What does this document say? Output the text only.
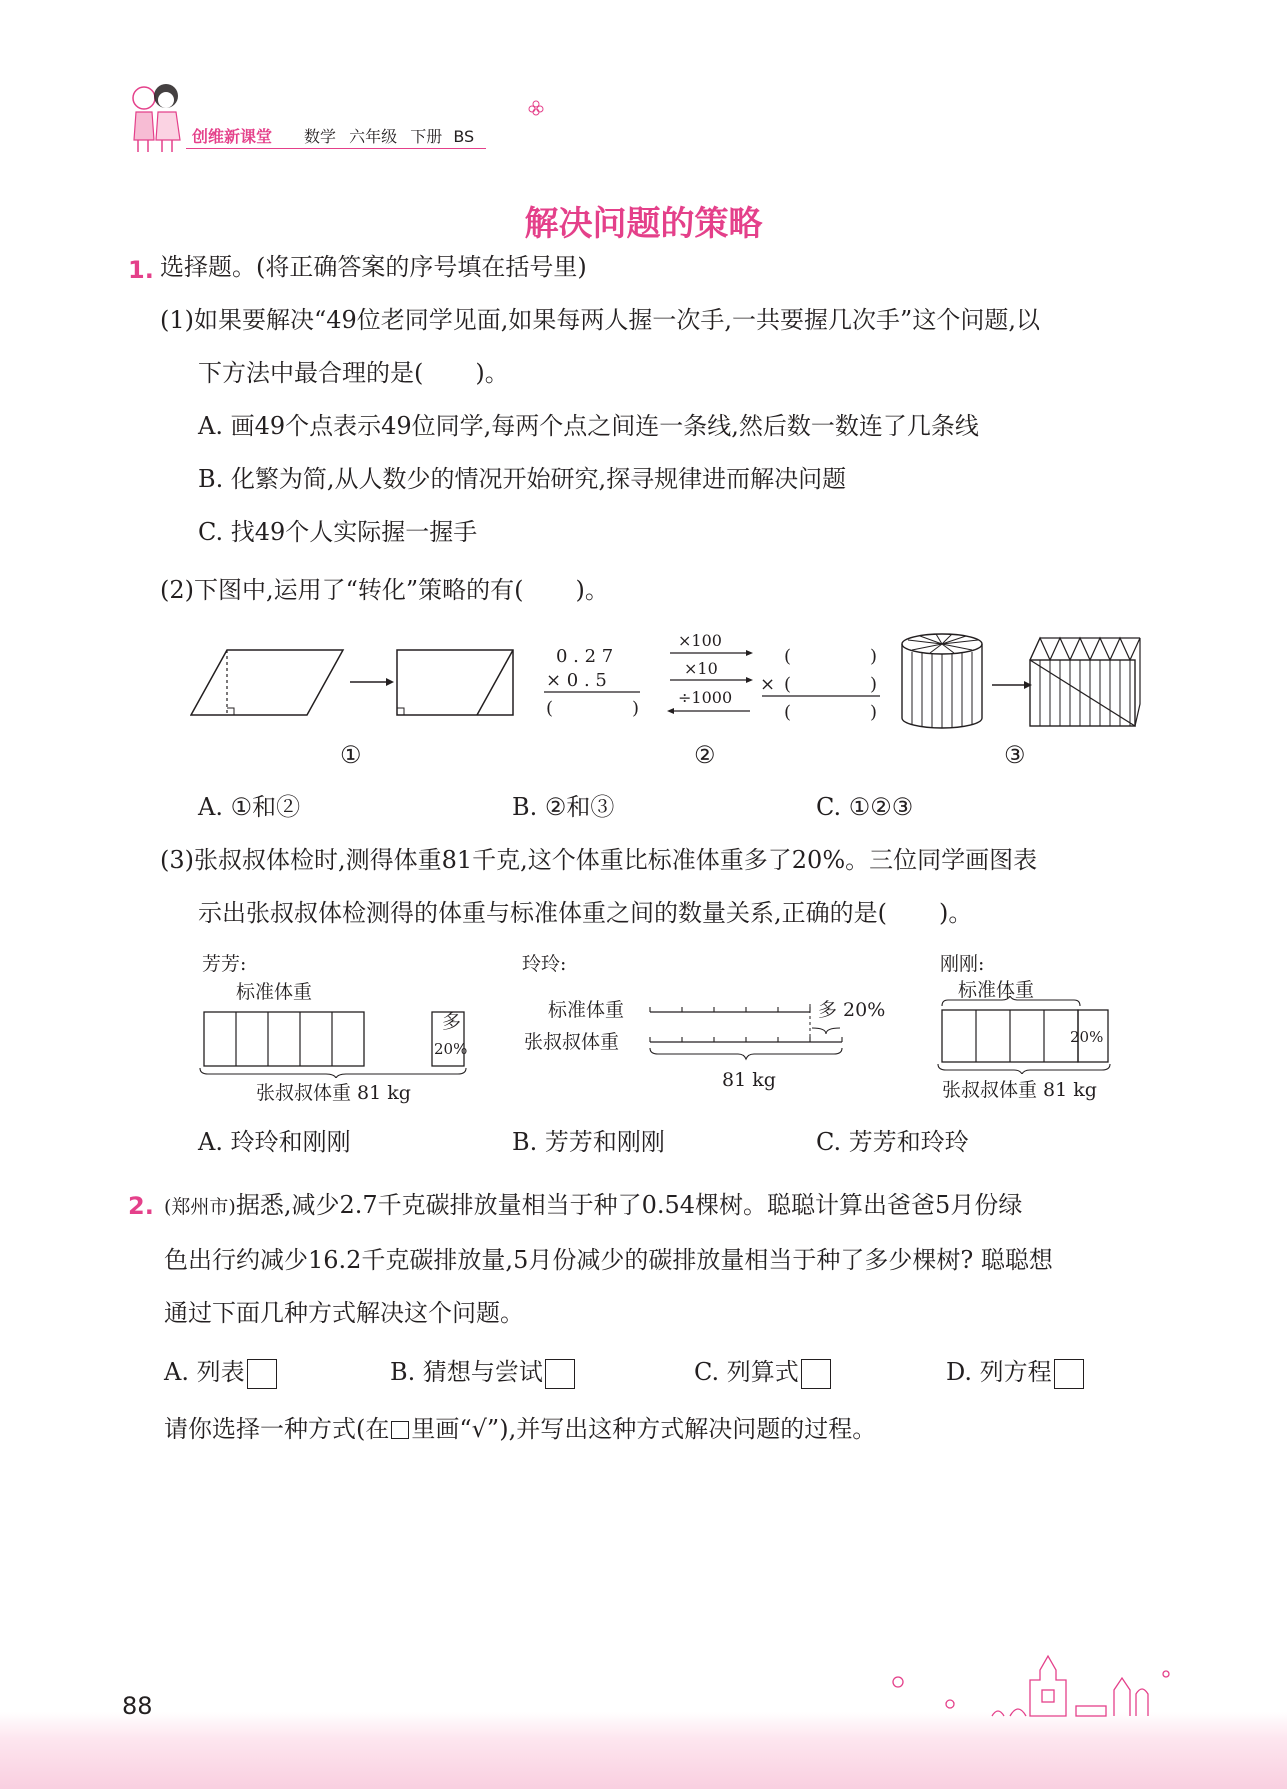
创维新课堂 数学 六年级 下册 BS
解决问题的策略
1. 选择题。(将正确答案的序号填在括号里)
(1)如果要解决“49位老同学见面,如果每两人握一次手,一共要握几次手”这个问题,以
下方法中最合理的是( )。
A. 画49个点表示49位同学,每两个点之间连一条线,然后数一数连了几条线
B. 化繁为简,从人数少的情况开始研究,探寻规律进而解决问题
C. 找49个人实际握一握手
(2)下图中,运用了“转化”策略的有( )。
0 . 2 7
× 0 . 5
(	)
×100
×10
÷1000
(	)
× (	)
(	)
①	②	③
A. ①和②	B. ②和③	C. ①②③
(3)张叔叔体检时,测得体重81千克,这个体重比标准体重多了20%。三位同学画图表
示出张叔叔体检测得的体重与标准体重之间的数量关系,正确的是( )。
芳芳:
标准体重
多
20%
张叔叔体重 81 kg
玲玲:
标准体重
张叔叔体重
多 20%
81 kg
刚刚:
标准体重
20%
张叔叔体重 81 kg
A. 玲玲和刚刚	B. 芳芳和刚刚	C. 芳芳和玲玲
2. (郑州市)据悉,减少2.7千克碳排放量相当于种了0.54棵树。聪聪计算出爸爸5月份绿
色出行约减少16.2千克碳排放量,5月份减少的碳排放量相当于种了多少棵树? 聪聪想
通过下面几种方式解决这个问题。
A. 列表	B. 猜想与尝试	C. 列算式	D. 列方程
请你选择一种方式(在 里画“√”),并写出这种方式解决问题的过程。
88
